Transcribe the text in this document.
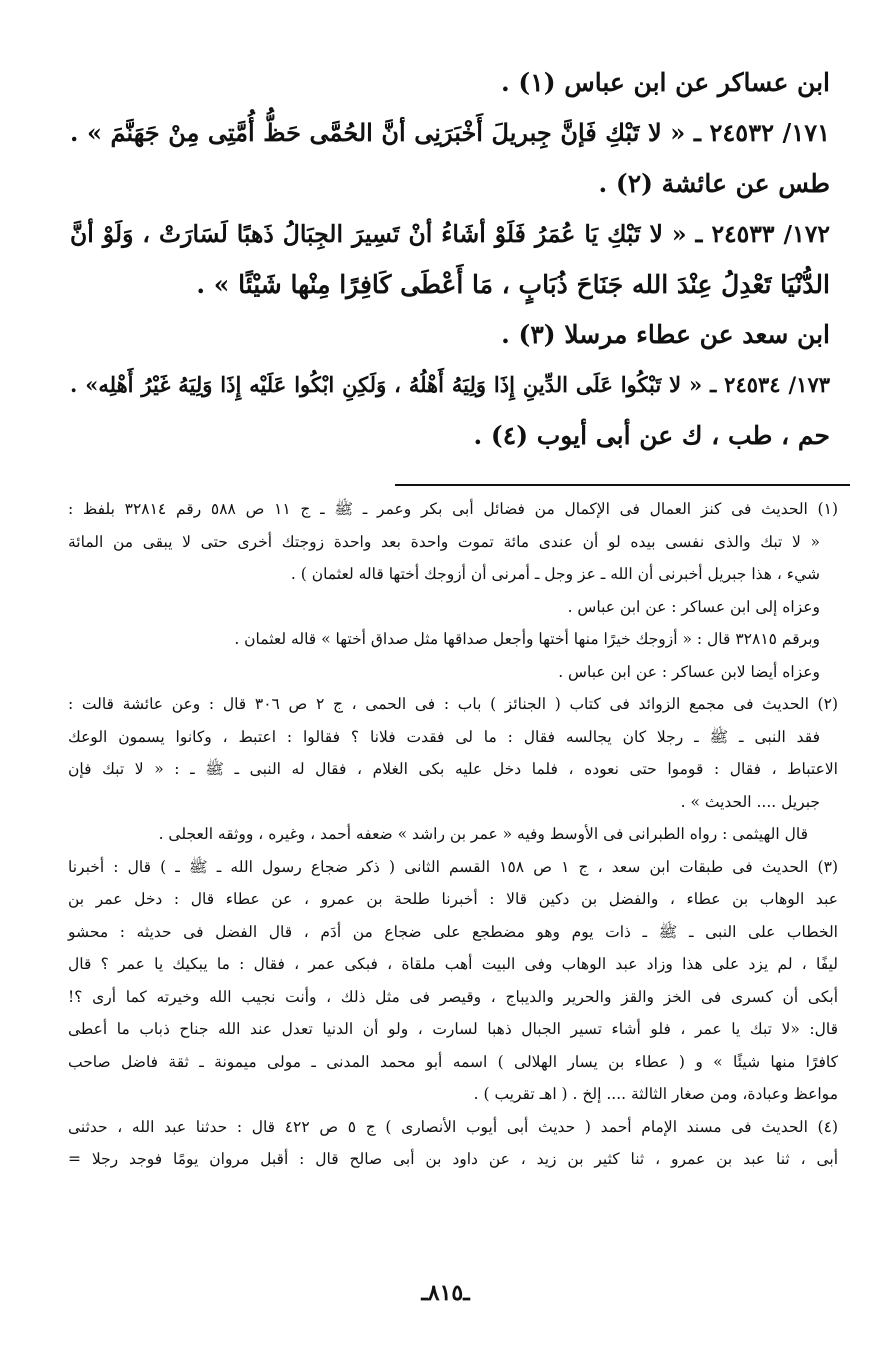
ابن عساكر عن ابن عباس (١) .
١٧١/ ٢٤٥٣٢ ـ « لا تَبْكِ فَإنَّ جِبريلَ أَخْبَرَنِى أنَّ الحُمَّى حَظُّ أُمَّتِى مِنْ جَهَنَّمَ » .
طس عن عائشة (٢) .
١٧٢/ ٢٤٥٣٣ ـ « لا تَبْكِ يَا عُمَرُ فَلَوْ أشَاءُ أنْ تَسِيرَ الجِبَالُ ذَهبًا لَسَارَتْ ، وَلَوْ أنَّ
الدُّنْيَا تَعْدِلُ عِنْدَ الله جَنَاحَ ذُبَابٍ ، مَا أَعْطَى كَافِرًا مِنْها شَيْئًا » .
ابن سعد عن عطاء مرسلا (٣) .
١٧٣/ ٢٤٥٣٤ ـ « لا تَبْكُوا عَلَى الدِّينِ إِذَا وَلِيَهُ أَهْلُهُ ، وَلَكِنِ ابْكُوا عَلَيْه إِذَا وَلِيَهُ غَيْرُ أَهْلِه» .
حم ، طب ، ك عن أبى أيوب (٤) .
(١) الحديث فى كنز العمال فى الإكمال من فضائل أبى بكر وعمر ـ ﷺ ـ ج ١١ ص ٥٨٨ رقم ٣٢٨١٤ بلفظ :
« لا تبك والذى نفسى بيده لو أن عندى مائة تموت واحدة بعد واحدة زوجتك أخرى حتى لا يبقى من المائة
شيء ، هذا جبريل أخبرنى أن الله ـ عز وجل ـ أمرنى أن أزوجك أختها قاله لعثمان ) .
وعزاه إلى ابن عساكر : عن ابن عباس .
وبرقم ٣٢٨١٥ قال : « أزوجك خيرًا منها أختها وأجعل صداقها مثل صداق أختها » قاله لعثمان .
وعزاه أيضا لابن عساكر : عن ابن عباس .
(٢) الحديث فى مجمع الزوائد فى كتاب ( الجنائز ) باب : فى الحمى ، ج ٢ ص ٣٠٦ قال : وعن عائشة قالت :
فقد النبى ـ ﷺ ـ رجلا كان يجالسه فقال : ما لى فقدت فلانا ؟ فقالوا : اعتبط ، وكانوا يسمون الوعك
الاعتباط ، فقال : قوموا حتى نعوده ، فلما دخل عليه بكى الغلام ، فقال له النبى ـ ﷺ ـ : « لا تبك فإن
جبريل .... الحديث » .
قال الهيثمى : رواه الطبرانى فى الأوسط وفيه « عمر بن راشد » ضعفه أحمد ، وغيره ، ووثقه العجلى .
(٣) الحديث فى طبقات ابن سعد ، ج ١ ص ١٥٨ القسم الثانى ( ذكر ضجاع رسول الله ـ ﷺ ـ ) قال : أخبرنا
عبد الوهاب بن عطاء ، والفضل بن دكين قالا : أخبرنا طلحة بن عمرو ، عن عطاء قال : دخل عمر بن
الخطاب على النبى ـ ﷺ ـ ذات يوم وهو مضطجع على ضجاع من أدَم ، قال الفضل فى حديثه : محشو
ليفًا ، لم يزد على هذا وزاد عبد الوهاب وفى البيت أهب ملقاة ، فبكى عمر ، فقال : ما يبكيك يا عمر ؟ قال
أبكى أن كسرى فى الخز والقز والحرير والديباج ، وقيصر فى مثل ذلك ، وأنت نجيب الله وخيرته كما أرى ؟!
قال: «لا تبك يا عمر ، فلو أشاء تسير الجبال ذهبا لسارت ، ولو أن الدنيا تعدل عند الله جناح ذباب ما أعطى
كافرًا منها شيئًا » و ( عطاء بن يسار الهلالى ) اسمه أبو محمد المدنى ـ مولى ميمونة ـ ثقة فاضل صاحب
مواعظ وعبادة، ومن صغار الثالثة .... إلخ . ( اهـ تقريب ) .
(٤) الحديث فى مسند الإمام أحمد ( حديث أبى أيوب الأنصارى ) ج ٥ ص ٤٢٢ قال : حدثنا عبد الله ، حدثنى
أبى ، ثنا عبد بن عمرو ، ثنا كثير بن زيد ، عن داود بن أبى صالح قال : أقبل مروان يومًا فوجد رجلا =
ـ٨١٥ـ
